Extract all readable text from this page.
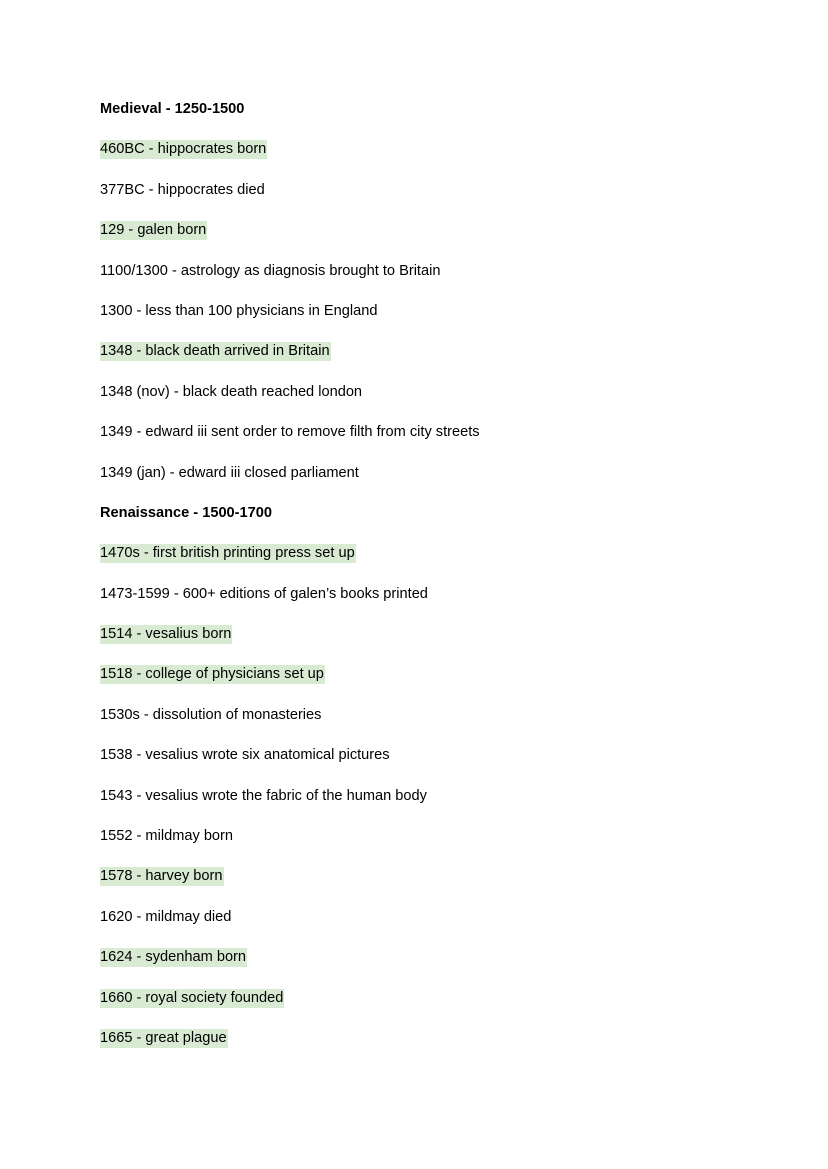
Medieval - 1250-1500
460BC - hippocrates born
377BC - hippocrates died
129 - galen born
1100/1300 - astrology as diagnosis brought to Britain
1300 - less than 100 physicians in England
1348 - black death arrived in Britain
1348 (nov) - black death reached london
1349 - edward iii sent order to remove filth from city streets
1349 (jan) - edward iii closed parliament
Renaissance - 1500-1700
1470s - first british printing press set up
1473-1599 - 600+ editions of galen’s books printed
1514 - vesalius born
1518 - college of physicians set up
1530s - dissolution of monasteries
1538 - vesalius wrote six anatomical pictures
1543 - vesalius wrote the fabric of the human body
1552 - mildmay born
1578 - harvey born
1620 - mildmay died
1624 - sydenham born
1660 - royal society founded
1665 - great plague
